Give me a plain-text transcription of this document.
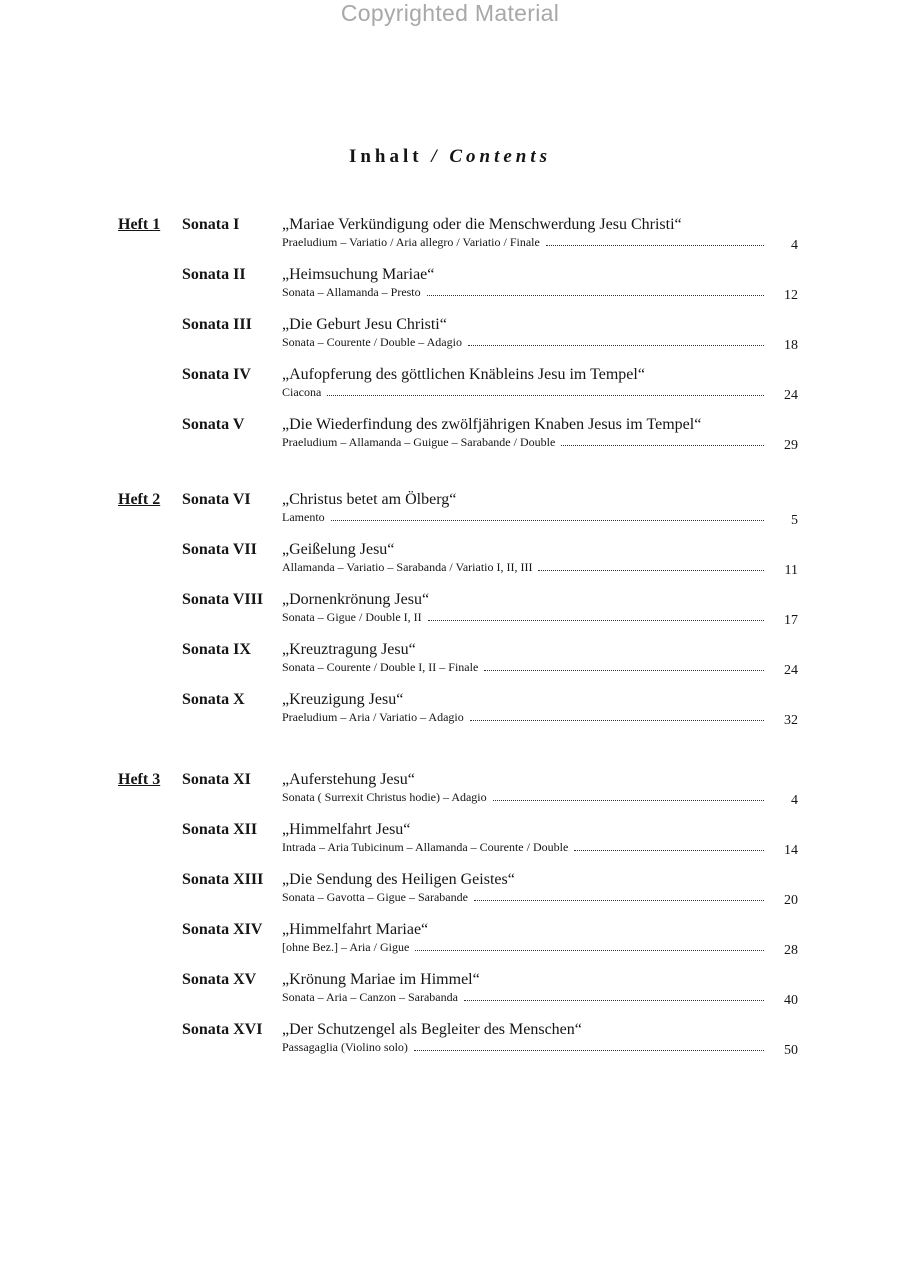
Copyrighted Material
Inhalt / Contents
Heft 1 Sonata I	„Mariae Verkündigung oder die Menschwerdung Jesu Christi“
Praeludium – Variatio / Aria allegro / Variatio / Finale	4
Sonata II „Heimsuchung Mariae“
Sonata – Allamanda – Presto	12
Sonata III „Die Geburt Jesu Christi“
Sonata – Courente / Double – Adagio	18
Sonata IV „Aufopferung des göttlichen Knäbleins Jesu im Tempel“
Ciacona	24
Sonata V „Die Wiederfindung des zwölfjährigen Knaben Jesus im Tempel“
Praeludium – Allamanda – Guigue – Sarabande / Double	29
Heft 2 Sonata VI „Christus betet am Ölberg“
Lamento	5
Sonata VII „Geißelung Jesu“
Allamanda – Variatio – Sarabanda / Variatio I, II, III	11
Sonata VIII „Dornenkrönung Jesu“
Sonata – Gigue / Double I, II	17
Sonata IX „Kreuztragung Jesu“
Sonata – Courente / Double I, II – Finale	24
Sonata X „Kreuzigung Jesu“
Praeludium – Aria / Variatio – Adagio	32
Heft 3 Sonata XI „Auferstehung Jesu“
Sonata ( Surrexit Christus hodie) – Adagio	4
Sonata XII „Himmelfahrt Jesu“
Intrada – Aria Tubicinum – Allamanda – Courente / Double	14
Sonata XIII „Die Sendung des Heiligen Geistes“
Sonata – Gavotta – Gigue – Sarabande	20
Sonata XIV „Himmelfahrt Mariae“
[ohne Bez.] – Aria / Gigue	28
Sonata XV „Krönung Mariae im Himmel“
Sonata – Aria – Canzon – Sarabanda	40
Sonata XVI „Der Schutzengel als Begleiter des Menschen“
Passagaglia (Violino solo)	50
